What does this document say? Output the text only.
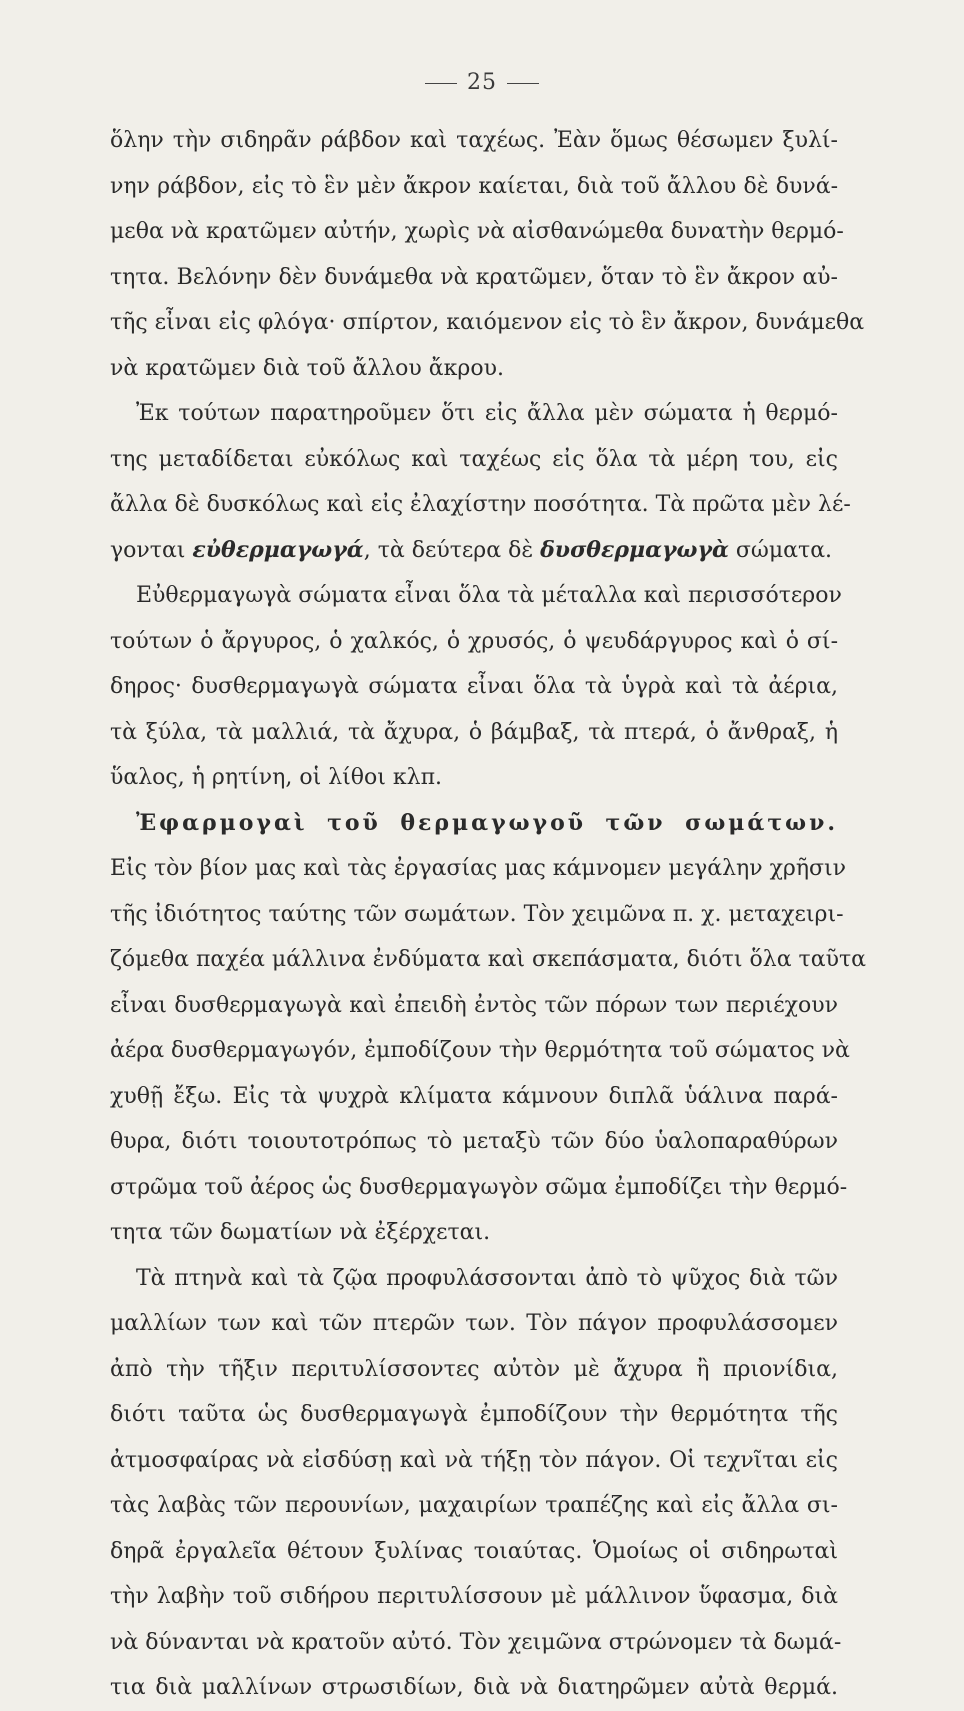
25
ὅλην τὴν σιδηρᾶν ράβδον καὶ ταχέως. Ἐὰν ὅμως θέσωμεν ξυλί-
νην ράβδον, εἰς τὸ ἓν μὲν ἄκρον καίεται, διὰ τοῦ ἄλλου δὲ δυνά-
μεθα νὰ κρατῶμεν αὐτήν, χωρὶς νὰ αἰσθανώμεθα δυνατὴν θερμό-
τητα. Βελόνην δὲν δυνάμεθα νὰ κρατῶμεν, ὅταν τὸ ἓν ἄκρον αὐ-
τῆς εἶναι εἰς φλόγα· σπίρτον, καιόμενον εἰς τὸ ἓν ἄκρον, δυνάμεθα
νὰ κρατῶμεν διὰ τοῦ ἄλλου ἄκρου.
Ἐκ τούτων παρατηροῦμεν ὅτι εἰς ἄλλα μὲν σώματα ἡ θερμό-
της μεταδίδεται εὐκόλως καὶ ταχέως εἰς ὅλα τὰ μέρη του, εἰς
ἄλλα δὲ δυσκόλως καὶ εἰς ἐλαχίστην ποσότητα. Τὰ πρῶτα μὲν λέ-
γονται εὐθερμαγωγά, τὰ δεύτερα δὲ δυσθερμαγωγὰ σώματα.
Εὐθερμαγωγὰ σώματα εἶναι ὅλα τὰ μέταλλα καὶ περισσότερον
τούτων ὁ ἄργυρος, ὁ χαλκός, ὁ χρυσός, ὁ ψευδάργυρος καὶ ὁ σί-
δηρος· δυσθερμαγωγὰ σώματα εἶναι ὅλα τὰ ὑγρὰ καὶ τὰ ἀέρια,
τὰ ξύλα, τὰ μαλλιά, τὰ ἄχυρα, ὁ βάμβαξ, τὰ πτερά, ὁ ἄνθραξ, ἡ
ὕαλος, ἡ ρητίνη, οἱ λίθοι κλπ.
Ἐφαρμογαὶ τοῦ θερμαγωγοῦ τῶν σωμάτων.
Εἰς τὸν βίον μας καὶ τὰς ἐργασίας μας κάμνομεν μεγάλην χρῆσιν
τῆς ἰδιότητος ταύτης τῶν σωμάτων. Τὸν χειμῶνα π. χ. μεταχειρι-
ζόμεθα παχέα μάλλινα ἐνδύματα καὶ σκεπάσματα, διότι ὅλα ταῦτα
εἶναι δυσθερμαγωγὰ καὶ ἐπειδὴ ἐντὸς τῶν πόρων των περιέχουν
ἀέρα δυσθερμαγωγόν, ἐμποδίζουν τὴν θερμότητα τοῦ σώματος νὰ
χυθῇ ἔξω. Εἰς τὰ ψυχρὰ κλίματα κάμνουν διπλᾶ ὑάλινα παρά-
θυρα, διότι τοιουτοτρόπως τὸ μεταξὺ τῶν δύο ὑαλοπαραθύρων
στρῶμα τοῦ ἀέρος ὡς δυσθερμαγωγὸν σῶμα ἐμποδίζει τὴν θερμό-
τητα τῶν δωματίων νὰ ἐξέρχεται.
Τὰ πτηνὰ καὶ τὰ ζῷα προφυλάσσονται ἀπὸ τὸ ψῦχος διὰ τῶν
μαλλίων των καὶ τῶν πτερῶν των. Τὸν πάγον προφυλάσσομεν
ἀπὸ τὴν τῆξιν περιτυλίσσοντες αὐτὸν μὲ ἄχυρα ἢ πριονίδια,
διότι ταῦτα ὡς δυσθερμαγωγὰ ἐμποδίζουν τὴν θερμότητα τῆς
ἀτμοσφαίρας νὰ εἰσδύσῃ καὶ νὰ τήξῃ τὸν πάγον. Οἱ τεχνῖται εἰς
τὰς λαβὰς τῶν περουνίων, μαχαιρίων τραπέζης καὶ εἰς ἄλλα σι-
δηρᾶ ἐργαλεῖα θέτουν ξυλίνας τοιαύτας. Ὁμοίως οἱ σιδηρωταὶ
τὴν λαβὴν τοῦ σιδήρου περιτυλίσσουν μὲ μάλλινον ὕφασμα, διὰ
νὰ δύνανται νὰ κρατοῦν αὐτό. Τὸν χειμῶνα στρώνομεν τὰ δωμά-
τια διὰ μαλλίνων στρωσιδίων, διὰ νὰ διατηρῶμεν αὐτὰ θερμά.
